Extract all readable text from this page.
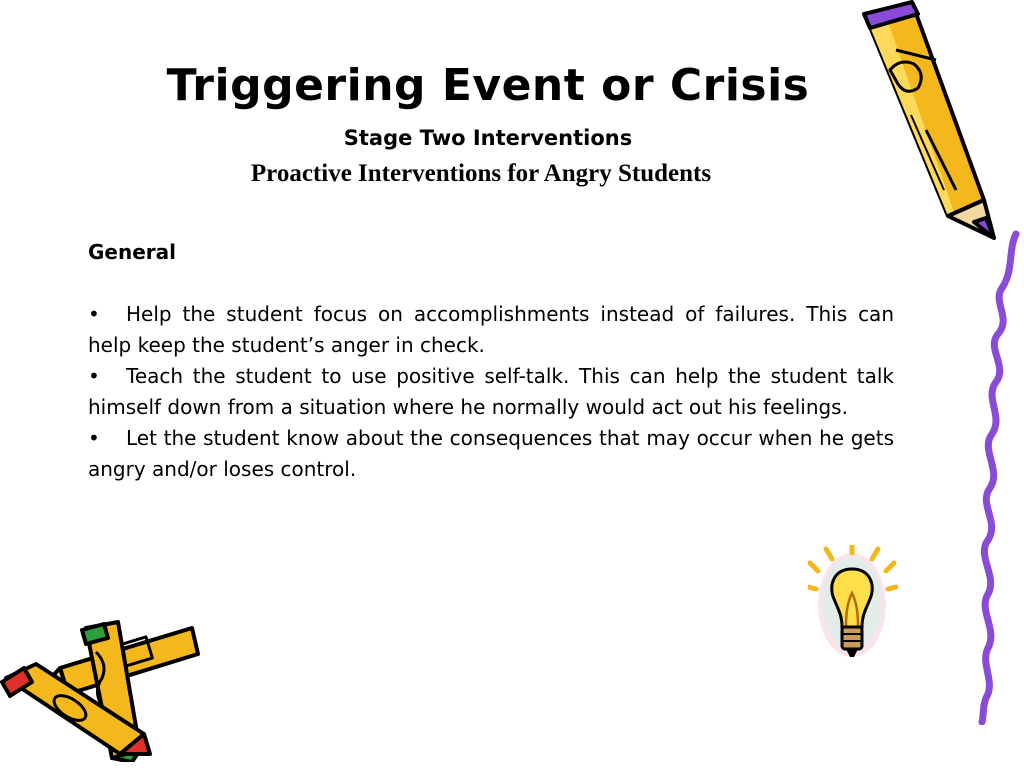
Triggering Event or Crisis
Stage Two Interventions
Proactive Interventions for Angry Students
General
• Help the student focus on accomplishments instead of failures. This can help keep the student’s anger in check.
• Teach the student to use positive self-talk. This can help the student talk himself down from a situation where he normally would act out his feelings.
• Let the student know about the consequences that may occur when he gets angry and/or loses control.
